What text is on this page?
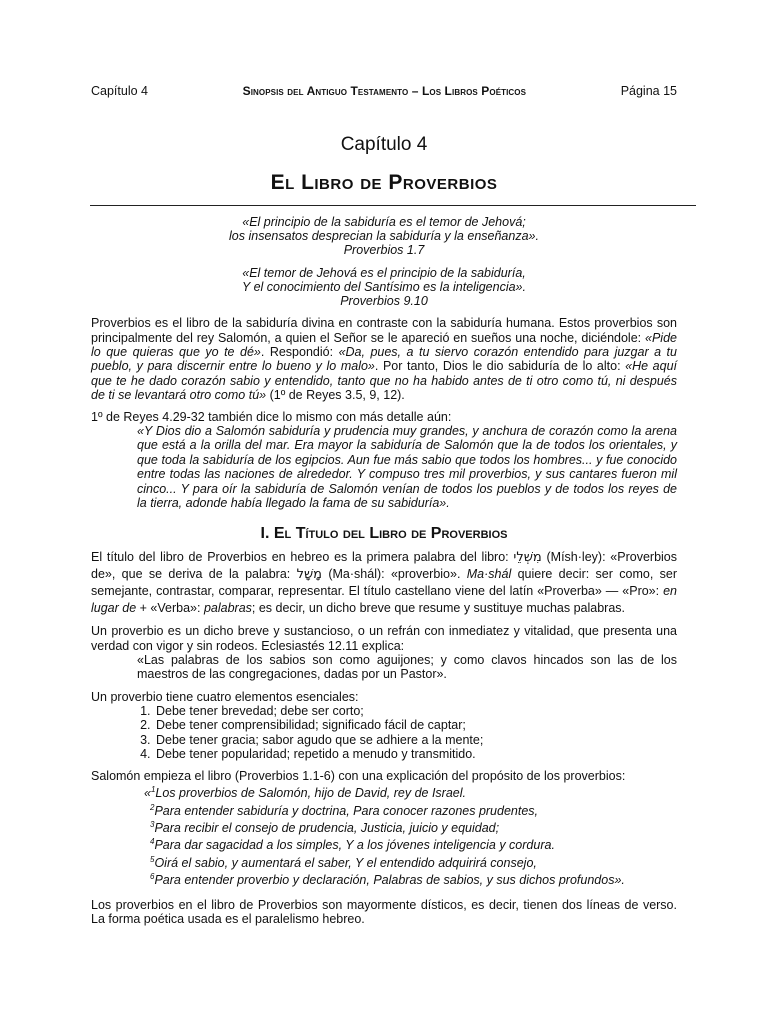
Capítulo 4	Sinopsis del Antiguo Testamento – Los Libros Poéticos	Página 15
Capítulo 4
El Libro de Proverbios
«El principio de la sabiduría es el temor de Jehová;
los insensatos desprecian la sabiduría y la enseñanza».
Proverbios 1.7
«El temor de Jehová es el principio de la sabiduría,
Y el conocimiento del Santísimo es la inteligencia».
Proverbios 9.10

Proverbios es el libro de la sabiduría divina en contraste con la sabiduría humana. Estos proverbios son principalmente del rey Salomón, a quien el Señor se le apareció en sueños una noche, diciéndole: «Pide lo que quieras que yo te dé». Respondió: «Da, pues, a tu siervo corazón entendido para juzgar a tu pueblo, y para discernir entre lo bueno y lo malo». Por tanto, Dios le dio sabiduría de lo alto: «He aquí que te he dado corazón sabio y entendido, tanto que no ha habido antes de ti otro como tú, ni después de ti se levantará otro como tú» (1º de Reyes 3.5, 9, 12).

1º de Reyes 4.29-32 también dice lo mismo con más detalle aún:

«Y Dios dio a Salomón sabiduría y prudencia muy grandes, y anchura de corazón como la arena que está a la orilla del mar. Era mayor la sabiduría de Salomón que la de todos los orientales, y que toda la sabiduría de los egipcios. Aun fue más sabio que todos los hombres... y fue conocido entre todas las naciones de alrededor. Y compuso tres mil proverbios, y sus cantares fueron mil cinco... Y para oír la sabiduría de Salomón venían de todos los pueblos y de todos los reyes de la tierra, adonde había llegado la fama de su sabiduría».
I. El Título del Libro de Proverbios

El título del libro de Proverbios en hebreo es la primera palabra del libro: מִשְׁלֵי (Mísh·ley): «Proverbios de», que se deriva de la palabra: מָשָׁל (Ma·shál): «proverbio». Ma·shál quiere decir: ser como, ser semejante, contrastar, comparar, representar. El título castellano viene del latín «Proverba» — «Pro»: en lugar de + «Verba»: palabras; es decir, un dicho breve que resume y sustituye muchas palabras.

Un proverbio es un dicho breve y sustancioso, o un refrán con inmediatez y vitalidad, que presenta una verdad con vigor y sin rodeos. Eclesiastés 12.11 explica:

«Las palabras de los sabios son como aguijones; y como clavos hincados son las de los maestros de las congregaciones, dadas por un Pastor».

Un proverbio tiene cuatro elementos esenciales:

1. Debe tener brevedad; debe ser corto;
2. Debe tener comprensibilidad; significado fácil de captar;
3. Debe tener gracia; sabor agudo que se adhiere a la mente;
4. Debe tener popularidad; repetido a menudo y transmitido.

Salomón empieza el libro (Proverbios 1.1-6) con una explicación del propósito de los proverbios:

«$^1$Los proverbios de Salomón, hijo de David, rey de Israel.
$^2$Para entender sabiduría y doctrina, Para conocer razones prudentes,
$^3$Para recibir el consejo de prudencia, Justicia, juicio y equidad;
$^4$Para dar sagacidad a los simples, Y a los jóvenes inteligencia y cordura.
$^5$Oirá el sabio, y aumentará el saber, Y el entendido adquirirá consejo,
$^6$Para entender proverbio y declaración, Palabras de sabios, y sus dichos profundos».

Los proverbios en el libro de Proverbios son mayormente dísticos, es decir, tienen dos líneas de verso. La forma poética usada es el paralelismo hebreo.
